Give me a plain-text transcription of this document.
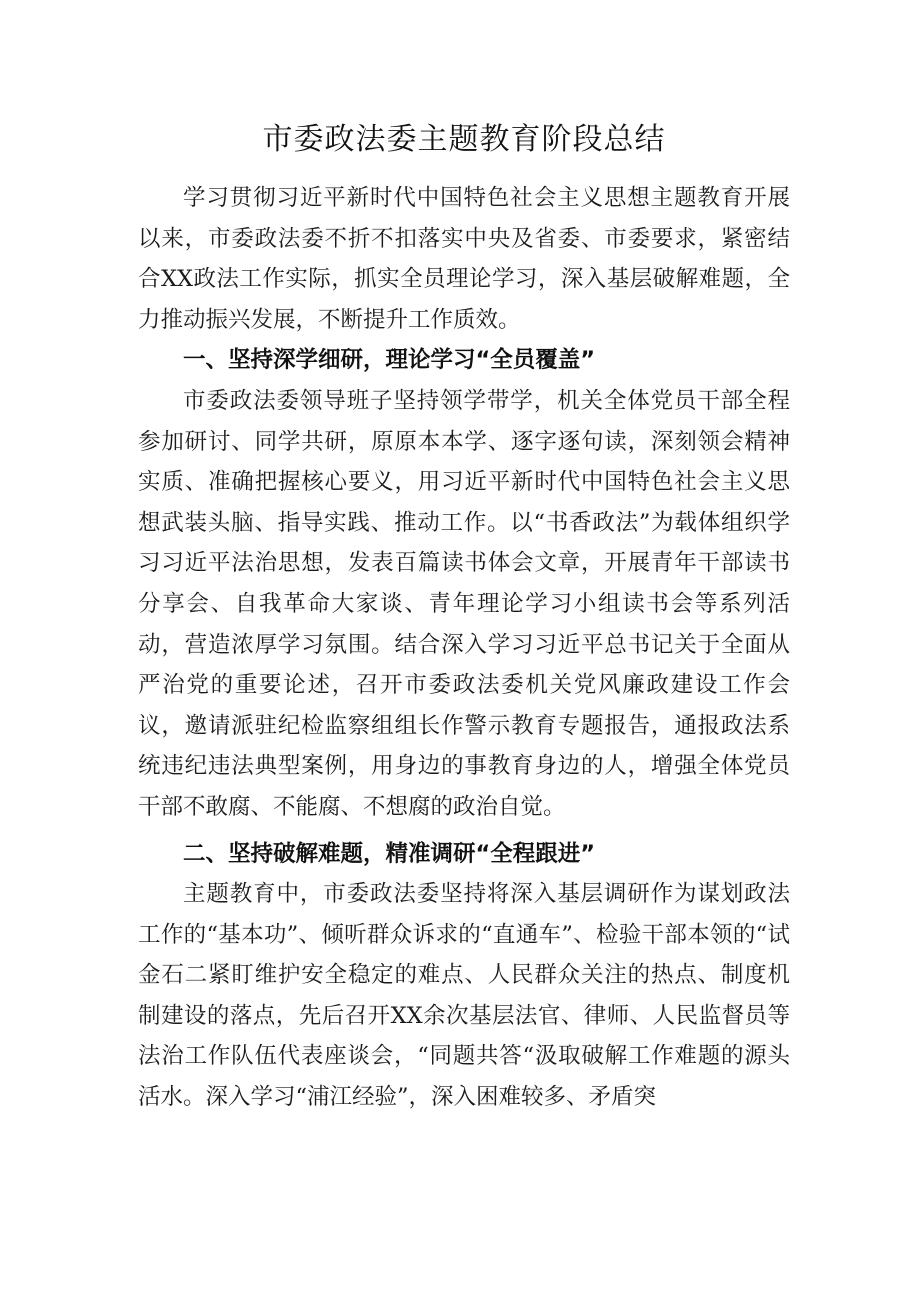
市委政法委主题教育阶段总结

学习贯彻习近平新时代中国特色社会主义思想主题教育开展以来，市委政法委不折不扣落实中央及省委、市委要求，紧密结合XX政法工作实际，抓实全员理论学习，深入基层破解难题，全力推动振兴发展，不断提升工作质效。

一、坚持深学细研，理论学习“全员覆盖”

市委政法委领导班子坚持领学带学，机关全体党员干部全程参加研讨、同学共研，原原本本学、逐字逐句读，深刻领会精神实质、准确把握核心要义，用习近平新时代中国特色社会主义思想武装头脑、指导实践、推动工作。以“书香政法”为载体组织学习习近平法治思想，发表百篇读书体会文章，开展青年干部读书分享会、自我革命大家谈、青年理论学习小组读书会等系列活动，营造浓厚学习氛围。结合深入学习习近平总书记关于全面从严治党的重要论述，召开市委政法委机关党风廉政建设工作会议，邀请派驻纪检监察组组长作警示教育专题报告，通报政法系统违纪违法典型案例，用身边的事教育身边的人，增强全体党员干部不敢腐、不能腐、不想腐的政治自觉。

二、坚持破解难题，精准调研“全程跟进”

主题教育中，市委政法委坚持将深入基层调研作为谋划政法工作的“基本功”、倾听群众诉求的“直通车”、检验干部本领的“试金石二紧盯维护安全稳定的难点、人民群众关注的热点、制度机制建设的落点，先后召开XX余次基层法官、律师、人民监督员等法治工作队伍代表座谈会，“同题共答“汲取破解工作难题的源头活水。深入学习“浦江经验”，深入困难较多、矛盾突
